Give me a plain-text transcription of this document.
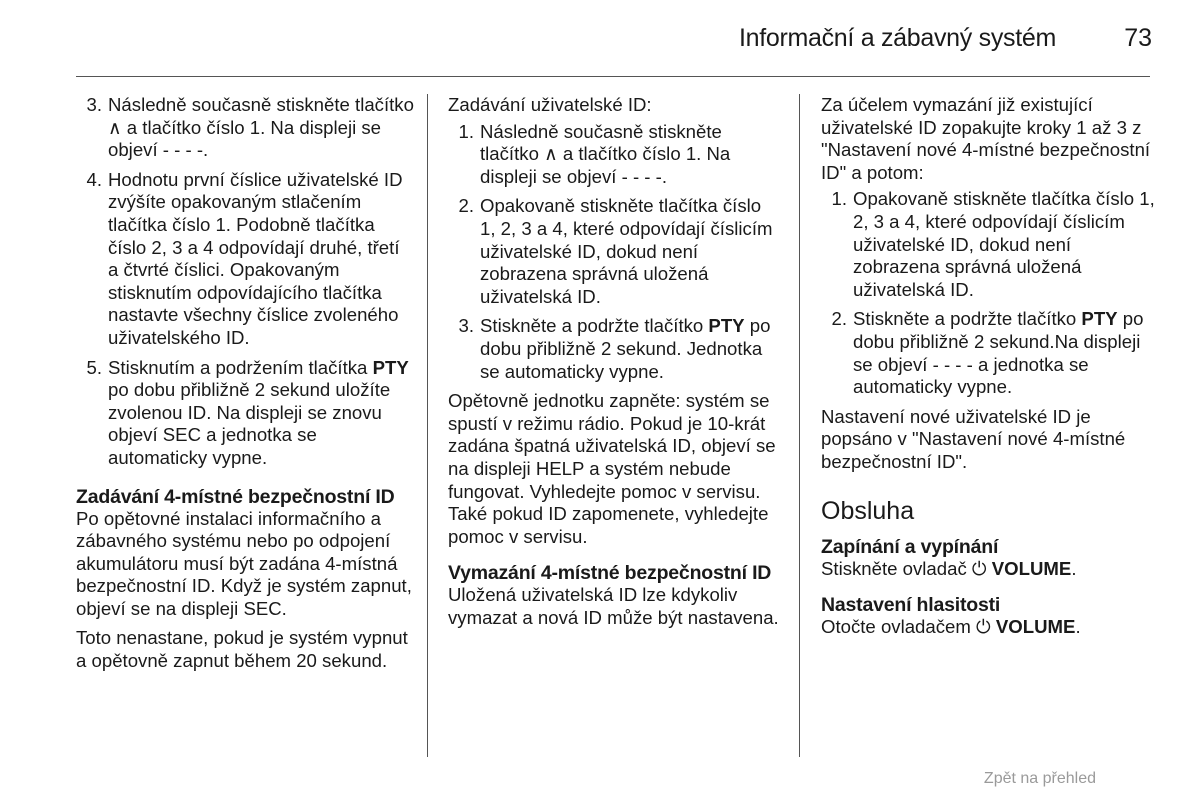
Informační a zábavný systém	73
3. Následně současně stiskněte tlačítko ∧ a tlačítko číslo 1. Na displeji se objeví - - - -.
4. Hodnotu první číslice uživatelské ID zvýšíte opakovaným stlačením tlačítka číslo 1. Podobně tlačítka číslo 2, 3 a 4 odpovídají druhé, třetí a čtvrté číslici. Opakovaným stisknutím odpovídajícího tlačítka nastavte všechny číslice zvoleného uživatelského ID.
5. Stisknutím a podržením tlačítka PTY po dobu přibližně 2 sekund uložíte zvolenou ID. Na displeji se znovu objeví SEC a jednotka se automaticky vypne.
Zadávání 4-místné bezpečnostní ID

Po opětovné instalaci informačního a zábavného systému nebo po odpojení akumulátoru musí být zadána 4-místná bezpečnostní ID. Když je systém zapnut, objeví se na displeji SEC.

Toto nenastane, pokud je systém vypnut a opětovně zapnut během 20 sekund.

Zadávání uživatelské ID:

1. Následně současně stiskněte tlačítko ∧ a tlačítko číslo 1. Na displeji se objeví - - - -.
2. Opakovaně stiskněte tlačítka číslo 1, 2, 3 a 4, které odpovídají číslicím uživatelské ID, dokud není zobrazena správná uložená uživatelská ID.
3. Stiskněte a podržte tlačítko PTY po dobu přibližně 2 sekund. Jednotka se automaticky vypne.

Opětovně jednotku zapněte: systém se spustí v režimu rádio. Pokud je 10-krát zadána špatná uživatelská ID, objeví se na displeji HELP a systém nebude fungovat. Vyhledejte pomoc v servisu. Také pokud ID zapomenete, vyhledejte pomoc v servisu.

Vymazání 4-místné bezpečnostní ID

Uložená uživatelská ID lze kdykoliv vymazat a nová ID může být nastavena.

Za účelem vymazání již existující uživatelské ID zopakujte kroky 1 až 3 z "Nastavení nové 4-místné bezpečnostní ID" a potom:

1. Opakovaně stiskněte tlačítka číslo 1, 2, 3 a 4, které odpovídají číslicím uživatelské ID, dokud není zobrazena správná uložená uživatelská ID.
2. Stiskněte a podržte tlačítko PTY po dobu přibližně 2 sekund.Na displeji se objeví - - - - a jednotka se automaticky vypne.

Nastavení nové uživatelské ID je popsáno v "Nastavení nové 4-místné bezpečnostní ID".

Obsluha
Zapínání a vypínání

Stiskněte ovladač ⏻ VOLUME.

Nastavení hlasitosti

Otočte ovladačem ⏻ VOLUME.

Zpět na přehled
